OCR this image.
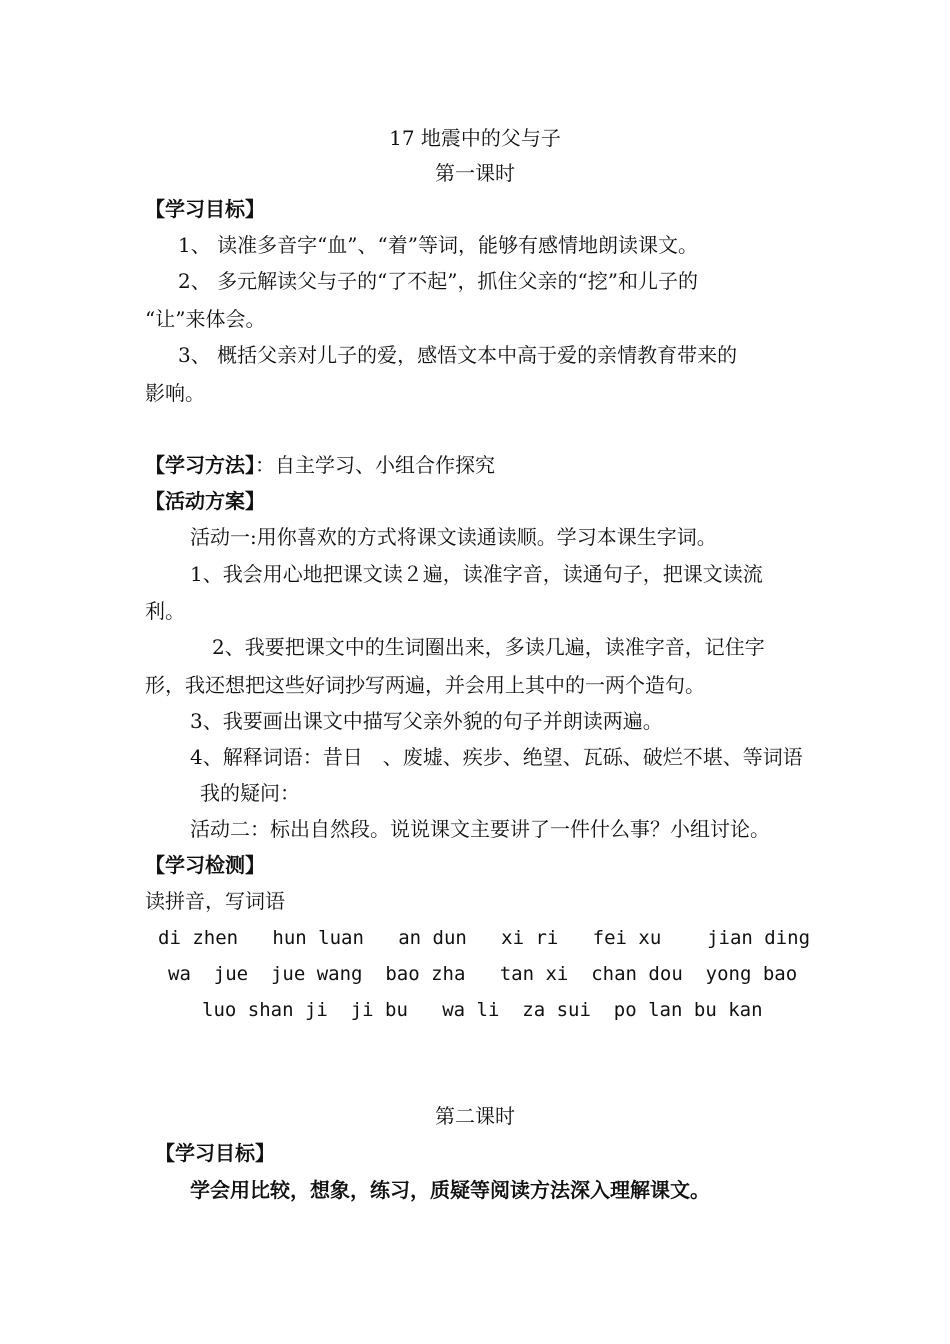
17 地震中的父与子
第一课时
【学习目标】
1、 读准多音字“血”、“着”等词，能够有感情地朗读课文。
2、 多元解读父与子的“了不起”，抓住父亲的“挖”和儿子的
“让”来体会。
3、 概括父亲对儿子的爱，感悟文本中高于爱的亲情教育带来的
影响。
【学习方法】：自主学习、小组合作探究
【活动方案】
活动一:用你喜欢的方式将课文读通读顺。学习本课生字词。
1、我会用心地把课文读２遍，读准字音，读通句子，把课文读流
利。
2、我要把课文中的生词圈出来，多读几遍，读准字音，记住字
形，我还想把这些好词抄写两遍，并会用上其中的一两个造句。
3、我要画出课文中描写父亲外貌的句子并朗读两遍。
4、解释词语：昔日　、废墟、疾步、绝望、瓦砾、破烂不堪、等词语
我的疑问：
活动二：标出自然段。说说课文主要讲了一件什么事？小组讨论。
【学习检测】
读拼音，写词语
di zhen   hun luan   an dun   xi ri   fei xu    jian ding
wa  jue  jue wang  bao zha   tan xi  chan dou  yong bao
luo shan ji  ji bu   wa li  za sui  po lan bu kan
第二课时
【学习目标】
学会用比较，想象，练习，质疑等阅读方法深入理解课文。
